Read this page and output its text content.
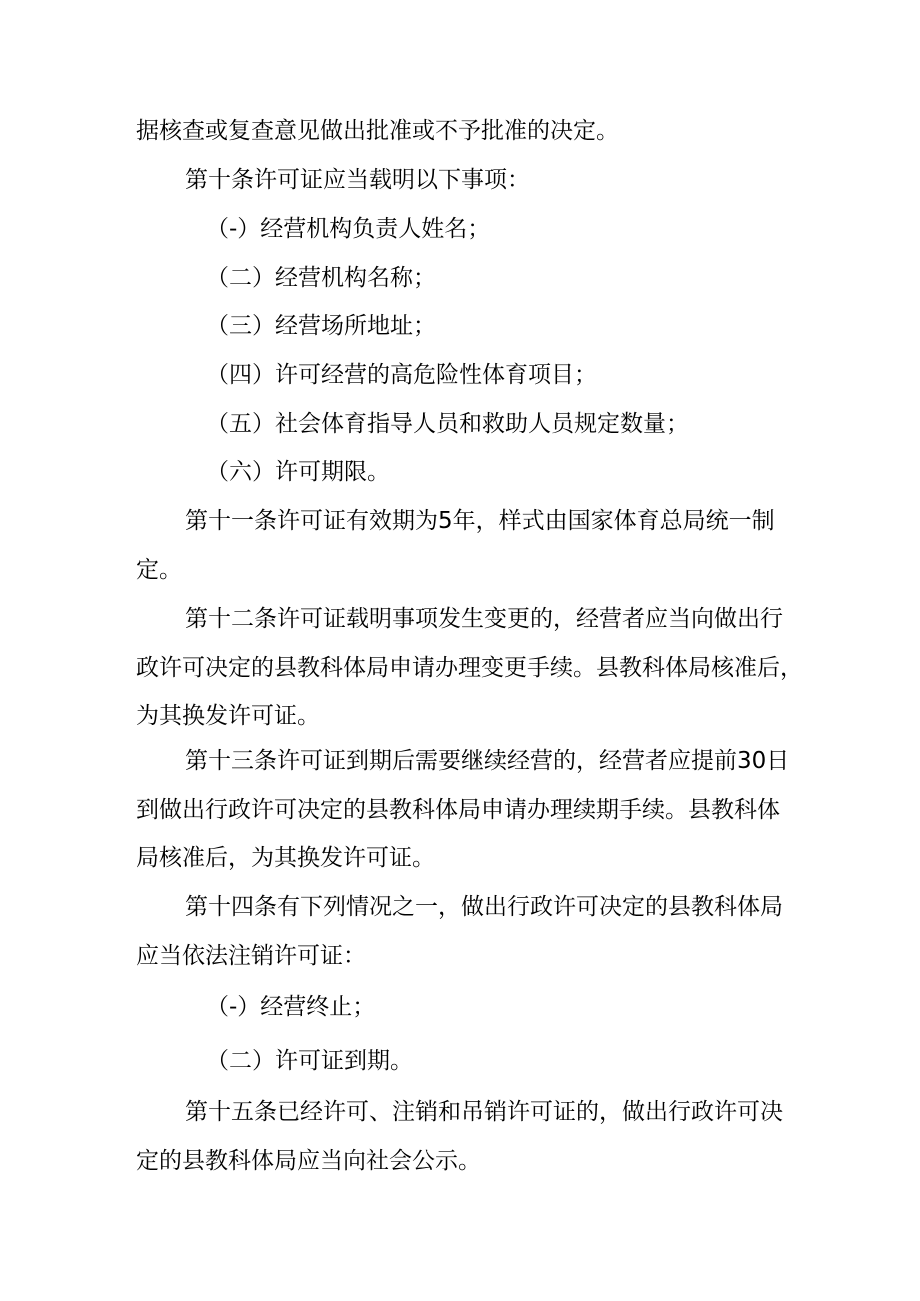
据核查或复查意见做出批准或不予批准的决定。
第十条许可证应当载明以下事项：
（-）经营机构负责人姓名；
（二）经营机构名称；
（三）经营场所地址；
（四）许可经营的高危险性体育项目；
（五）社会体育指导人员和救助人员规定数量；
（六）许可期限。
第十一条许可证有效期为5年，样式由国家体育总局统一制
定。
第十二条许可证载明事项发生变更的，经营者应当向做出行
政许可决定的县教科体局申请办理变更手续。县教科体局核准后，
为其换发许可证。
第十三条许可证到期后需要继续经营的，经营者应提前30日
到做出行政许可决定的县教科体局申请办理续期手续。县教科体
局核准后，为其换发许可证。
第十四条有下列情况之一，做出行政许可决定的县教科体局
应当依法注销许可证：
（-）经营终止；
（二）许可证到期。
第十五条已经许可、注销和吊销许可证的，做出行政许可决
定的县教科体局应当向社会公示。
